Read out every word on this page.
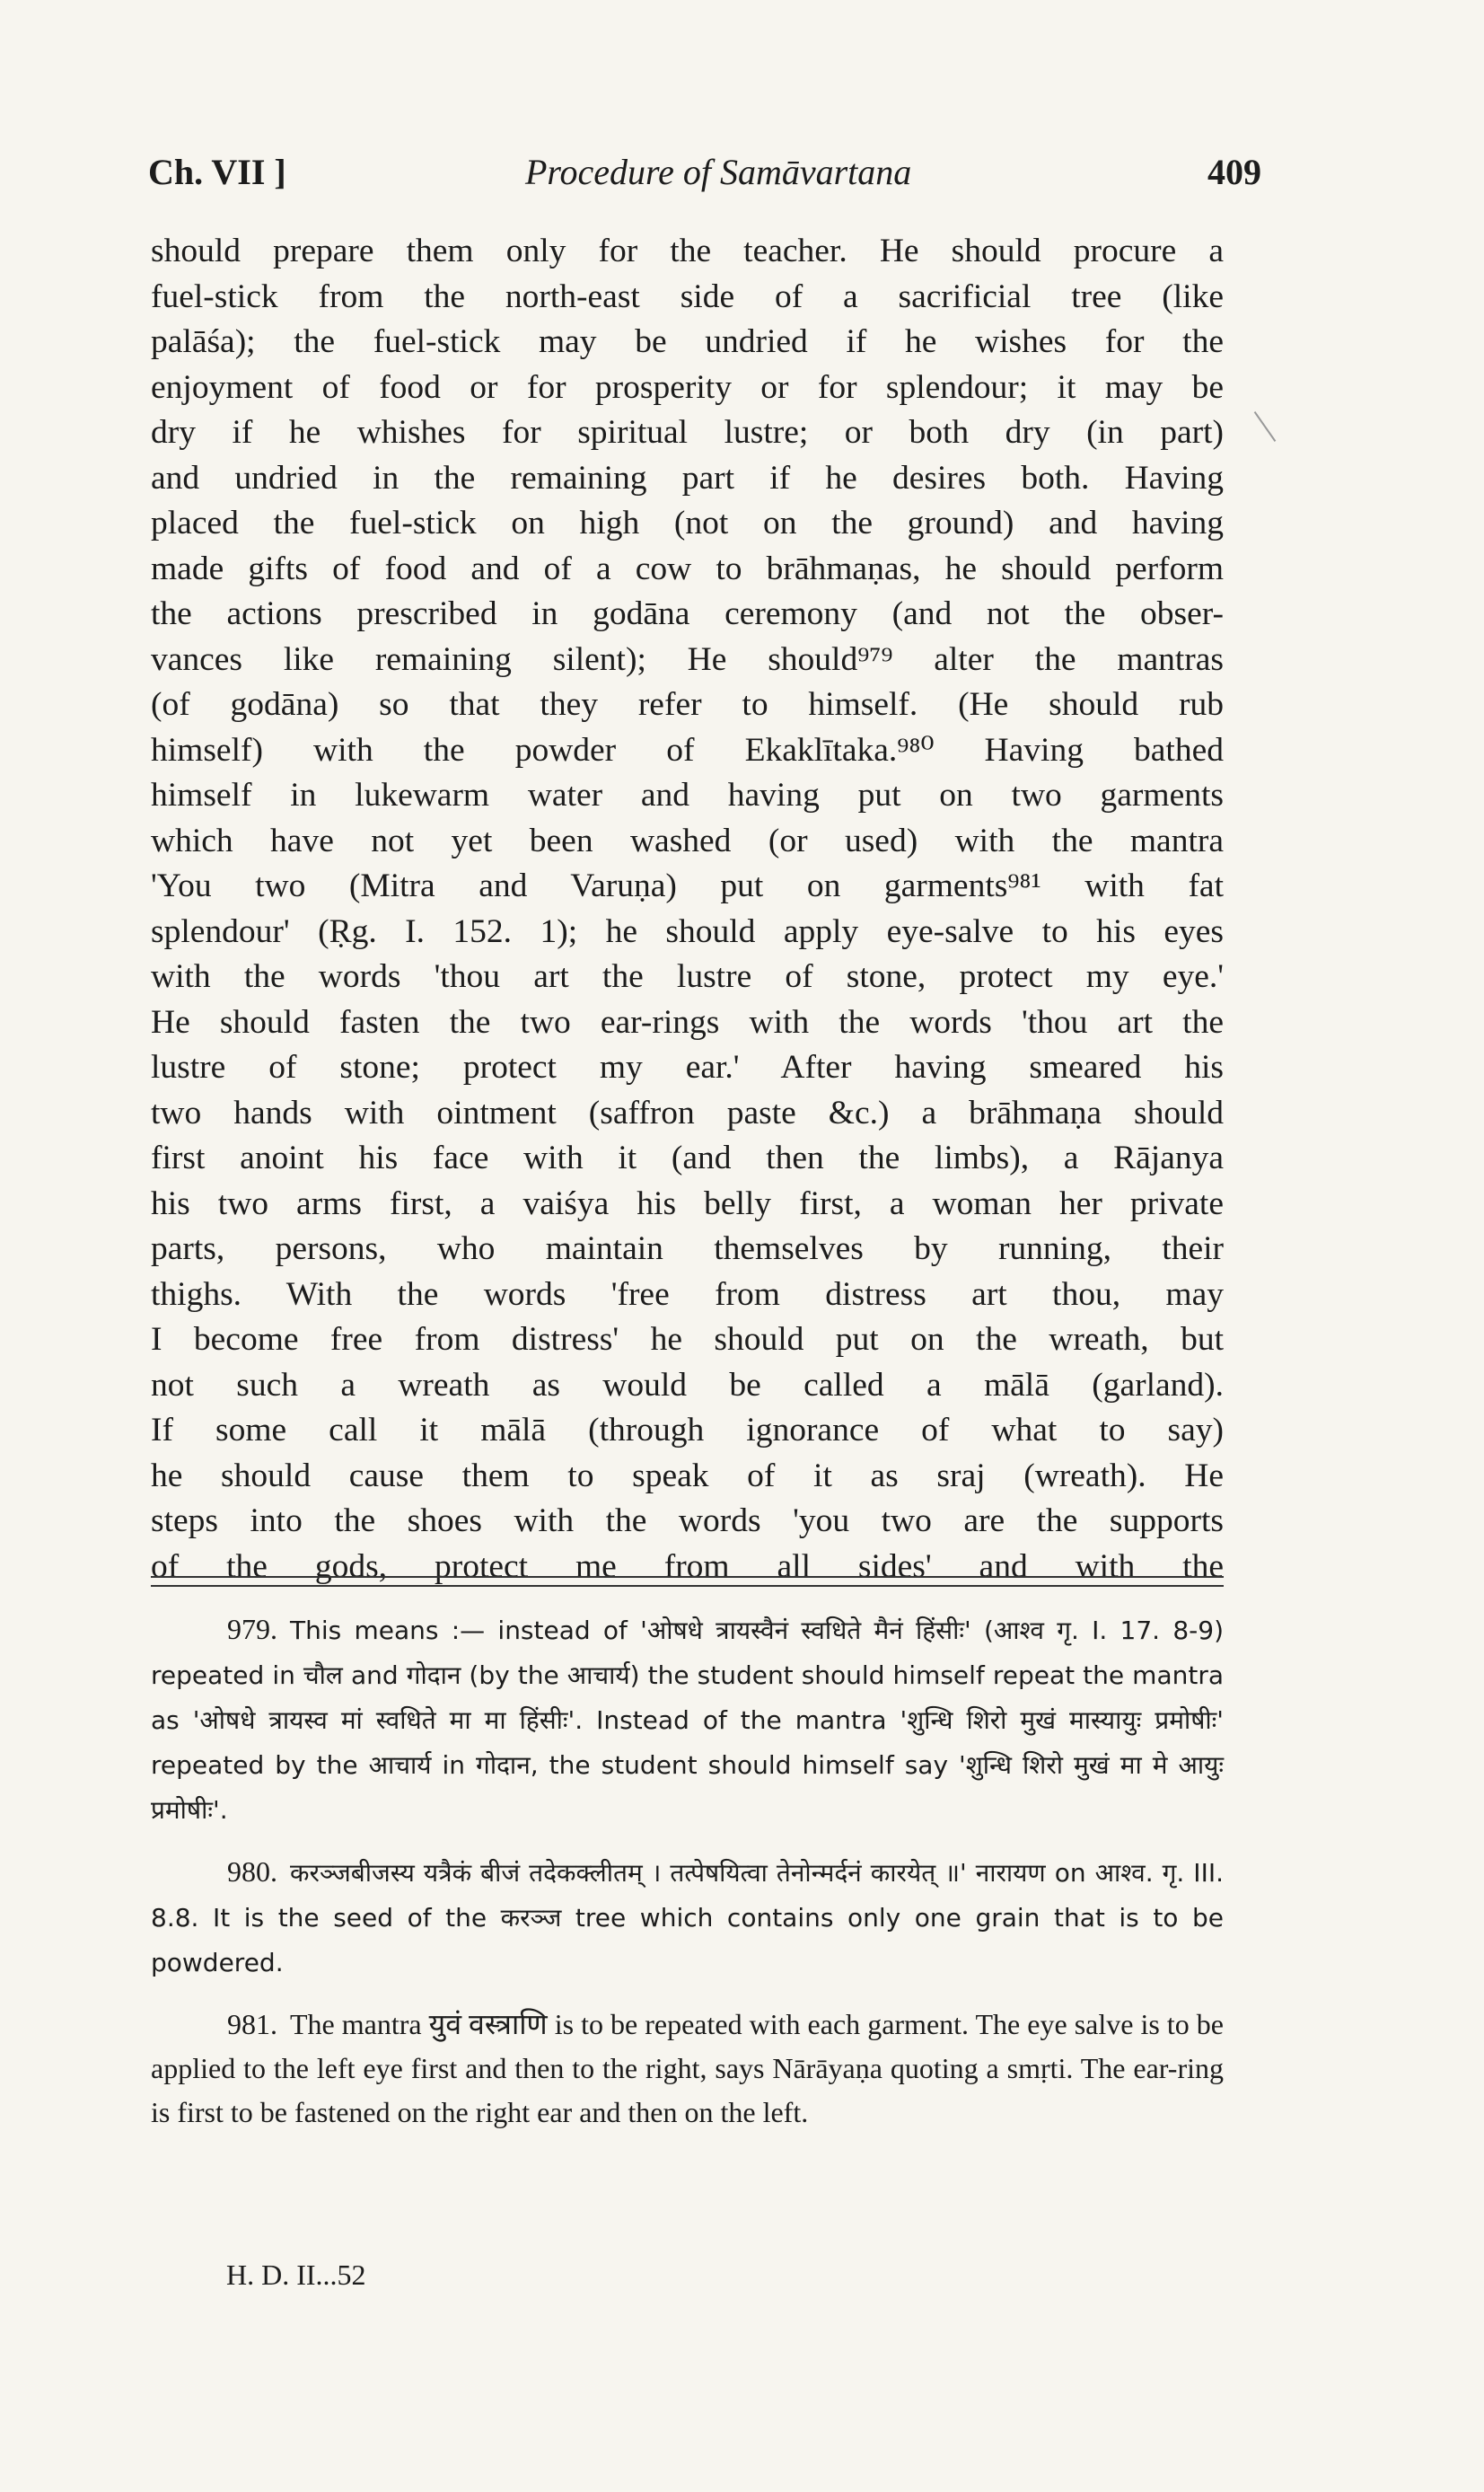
Ch. VII ]	Procedure of Samāvartana	409
should prepare them only for the teacher. He should procure a
fuel-stick from the north-east side of a sacrificial tree (like
palāśa); the fuel-stick may be undried if he wishes for the
enjoyment of food or for prosperity or for splendour; it may be
dry if he whishes for spiritual lustre; or both dry (in part)
and undried in the remaining part if he desires both. Having
placed the fuel-stick on high (not on the ground) and having
made gifts of food and of a cow to brāhmaṇas, he should perform
the actions prescribed in godāna ceremony (and not the obser-
vances like remaining silent); He should⁹⁷⁹ alter the mantras
(of godāna) so that they refer to himself. (He should rub
himself) with the powder of Ekaklītaka.⁹⁸⁰ Having bathed
himself in lukewarm water and having put on two garments
which have not yet been washed (or used) with the mantra
'You two (Mitra and Varuṇa) put on garments⁹⁸¹ with fat
splendour' (Ṛg. I. 152. 1); he should apply eye-salve to his eyes
with the words 'thou art the lustre of stone, protect my eye.'
He should fasten the two ear-rings with the words 'thou art the
lustre of stone; protect my ear.' After having smeared his
two hands with ointment (saffron paste &c.) a brāhmaṇa should
first anoint his face with it (and then the limbs), a Rājanya
his two arms first, a vaiśya his belly first, a woman her private
parts, persons, who maintain themselves by running, their
thighs. With the words 'free from distress art thou, may
I become free from distress' he should put on the wreath, but
not such a wreath as would be called a mālā (garland).
If some call it mālā (through ignorance of what to say)
he should cause them to speak of it as sraj (wreath). He
steps into the shoes with the words 'you two are the supports
of the gods, protect me from all sides' and with the

979. This means :— instead of 'ओषधे त्रायस्वैनं स्वधिते मैनं हिंसीः' (आश्व गृ. I. 17. 8-9) repeated in चौल and गोदान (by the आचार्य) the student should himself repeat the mantra as 'ओषधे त्रायस्व मां स्वधिते मा मा हिंसीः'. Instead of the mantra 'शुन्धि शिरो मुखं मास्यायुः प्रमोषीः' repeated by the आचार्य in गोदान, the student should himself say 'शुन्धि शिरो मुखं मा मे आयुः प्रमोषीः'.

980. करञ्जबीजस्य यत्रैकं बीजं तदेकक्लीतम् । तत्पेषयित्वा तेनोन्मर्दनं कारयेत् ॥' नारायण on आश्व. गृ. III. 8.8. It is the seed of the करञ्ज tree which contains only one grain that is to be powdered.

981. The mantra युवं वस्त्राणि is to be repeated with each garment. The eye salve is to be applied to the left eye first and then to the right, says Nārāyaṇa quoting a smṛti. The ear-ring is first to be fastened on the right ear and then on the left.

H. D. II...52
